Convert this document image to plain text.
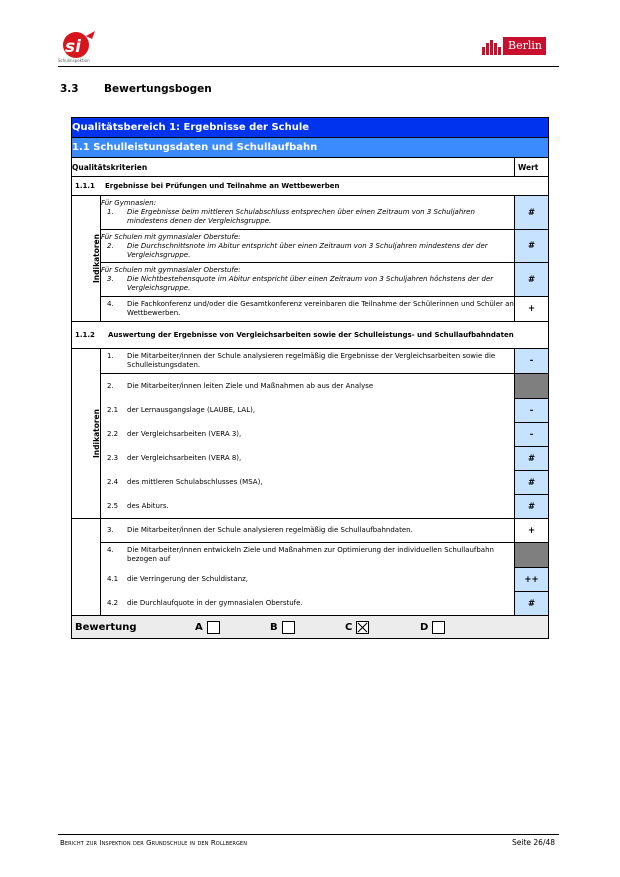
si
Schulinspektion
Berlin
3.3 Bewertungsbogen
Qualitätsbereich 1: Ergebnisse der Schule		
1.1 Schulleistungsdaten und Schullaufbahn		
Qualitätskriterien		Wert
1.1.1 Ergebnisse bei Prüfungen und Teilnahme an Wettbewerben		
Indikatoren	Für Gymnasien:
1. Die Ergebnisse beim mittleren Schulabschluss entsprechen über einen Zeitraum von 3 Schuljahren mindestens denen der Vergleichsgruppe.	#

	Für Schulen mit gymnasialer Oberstufe:
2. Die Durchschnittsnote im Abitur entspricht über einen Zeitraum von 3 Schuljahren mindestens der der Vergleichsgruppe.	#

	Für Schulen mit gymnasialer Oberstufe:
3. Die Nichtbestehensquote im Abitur entspricht über einen Zeitraum von 3 Schuljahren höchstens der der Vergleichsgruppe.	#

	4. Die Fachkonferenz und/oder die Gesamtkonferenz vereinbaren die Teilnahme der Schülerinnen und Schüler an Wettbewerben.	+

1.1.2 Auswertung der Ergebnisse von Vergleichsarbeiten sowie der Schulleistungs- und Schullaufbahndaten		

Indikatoren	1. Die Mitarbeiter/innen der Schule analysieren regelmäßig die Ergebnisse der Vergleichsarbeiten sowie die Schulleistungsdaten.	-

	2. Die Mitarbeiter/innen leiten Ziele und Maßnahmen ab aus der Analyse	

	2.1 der Lernausgangslage (LAUBE, LAL),	-

	2.2 der Vergleichsarbeiten (VERA 3),	-

	2.3 der Vergleichsarbeiten (VERA 8),	#

	2.4 des mittleren Schulabschlusses (MSA),	#

	2.5 des Abiturs.	#

	3. Die Mitarbeiter/innen der Schule analysieren regelmäßig die Schullaufbahndaten.	+

	4. Die Mitarbeiter/innen entwickeln Ziele und Maßnahmen zur Optimierung der individuellen Schullaufbahn bezogen auf	

	4.1 die Verringerung der Schuldistanz,	++

	4.2 die Durchlaufquote in der gymnasialen Oberstufe.	#

Bewertung A B C D		
Bericht zur Inspektion der Grundschule in den Rollbergen	Seite 26/48
